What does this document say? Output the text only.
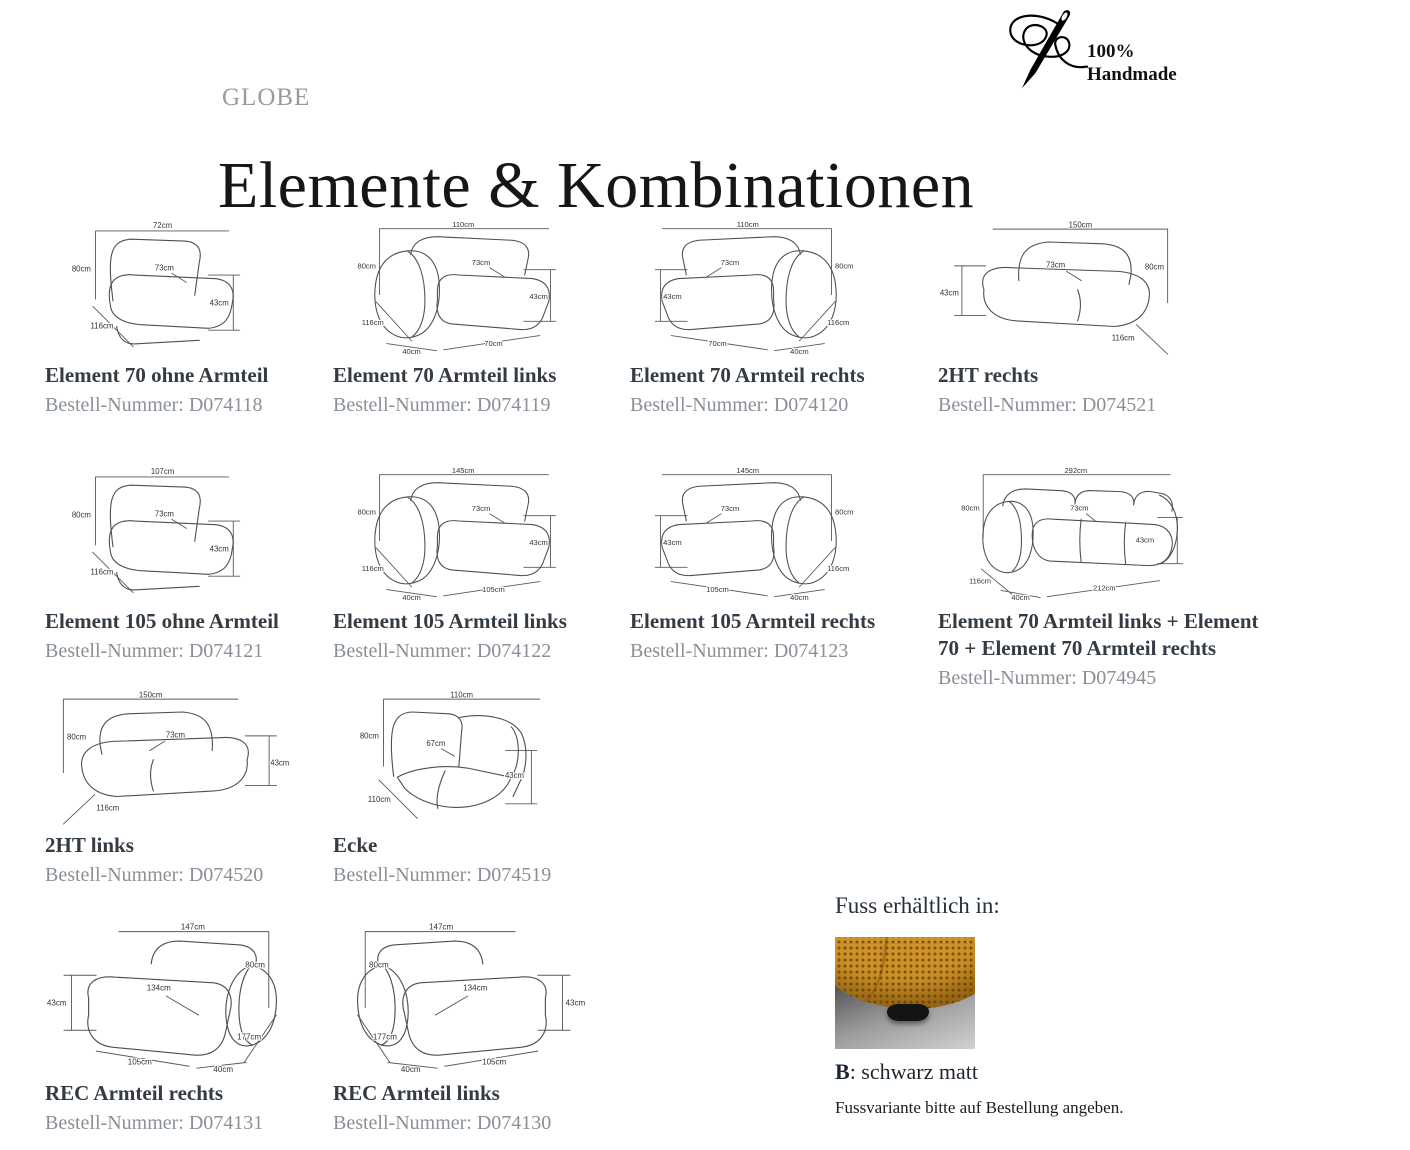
GLOBE
Elemente & Kombinationen
100%
Handmade
72cm
80cm	73cm
43cm
116cm
Element 70 ohne Armteil

Bestell-Nummer: D074118

110cm
80cm	73cm
43cm
116cm
40cm
70cm
Element 70 Armteil links

Bestell-Nummer: D074119

110cm
80cm
73cm
43cm
116cm
40cm
70cm
Element 70 Armteil rechts

Bestell-Nummer: D074120

150cm
80cm
73cm
43cm
116cm
2HT rechts

Bestell-Nummer: D074521

107cm
80cm	73cm
43cm
116cm
Element 105 ohne Armteil

Bestell-Nummer: D074121

145cm
80cm	73cm
43cm
116cm
40cm
105cm
Element 105 Armteil links

Bestell-Nummer: D074122

145cm
80cm
73cm
43cm
116cm
40cm
105cm
Element 105 Armteil rechts

Bestell-Nummer: D074123

292cm
80cm	73cm
43cm
116cm
40cm
212cm
Element 70 Armteil links + Element 70 + Element 70 Armteil rechts

Bestell-Nummer: D074945

150cm
80cm	73cm
43cm
116cm
2HT links

Bestell-Nummer: D074520

110cm
80cm
67cm
43cm
110cm
Ecke

Bestell-Nummer: D074519

147cm
80cm
134cm
43cm
177cm
105cm
40cm
REC Armteil rechts

Bestell-Nummer: D074131

147cm
80cm
134cm
43cm
177cm
105cm
40cm
REC Armteil links

Bestell-Nummer: D074130

Fuss erhältlich in:

B: schwarz matt

Fussvariante bitte auf Bestellung angeben.
